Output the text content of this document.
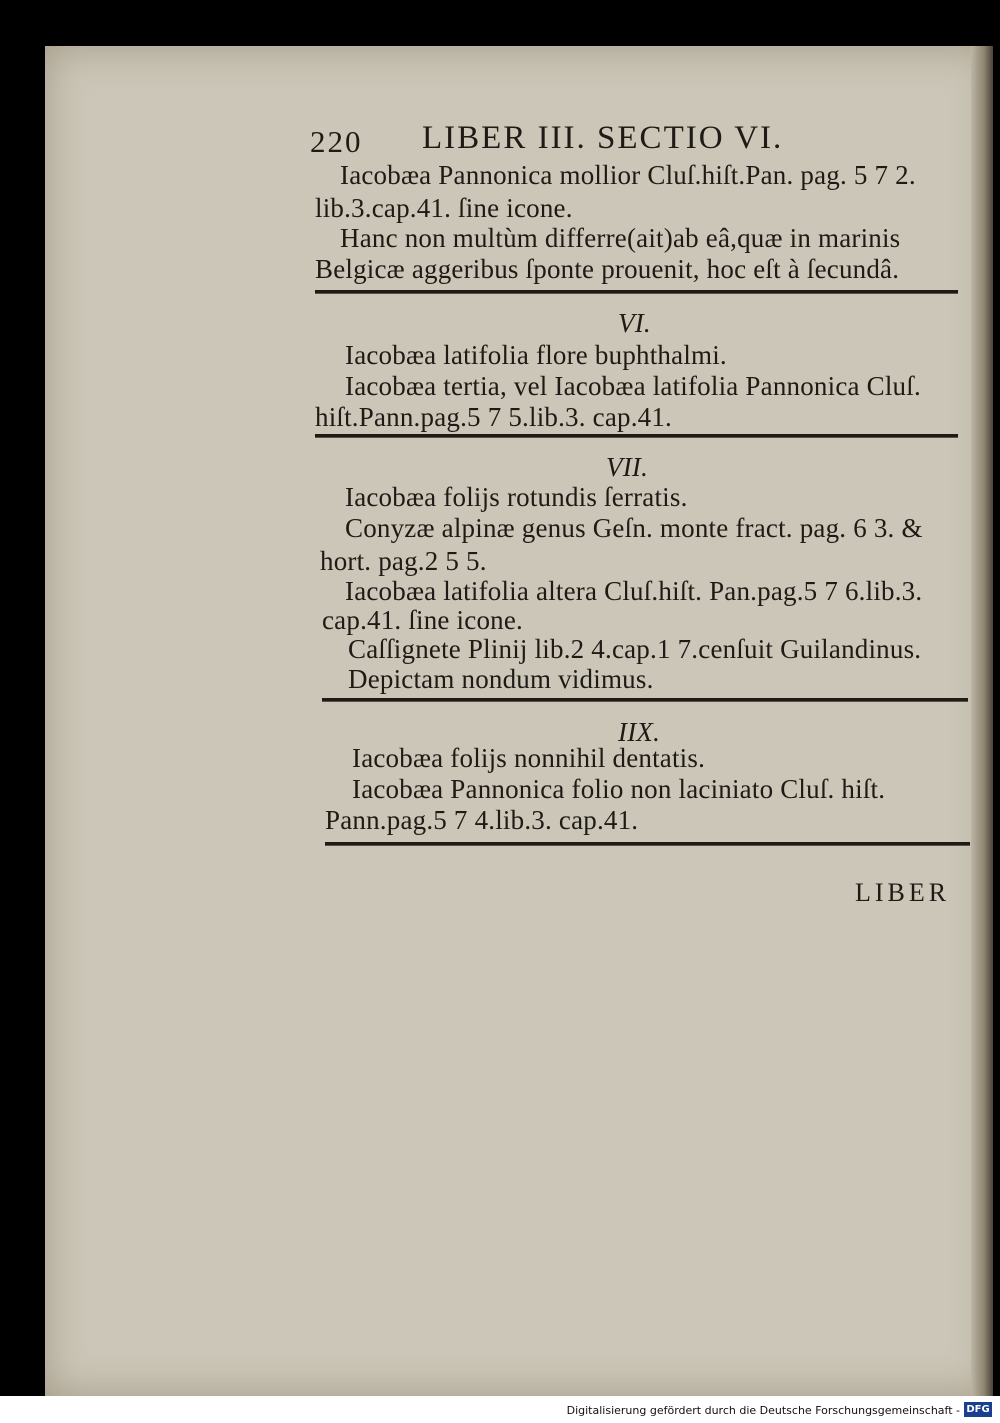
220 LIBER III. SECTIO VI.
Iacobæa Pannonica mollior Cluſ.hiſt.Pan. pag. 5 7 2.
lib.3.cap.41. ſine icone.
Hanc non multùm differre(ait)ab eâ,quæ in marinis
Belgicæ aggeribus ſponte prouenit, hoc eſt à ſecundâ.
VI.
Iacobæa latifolia flore buphthalmi.
Iacobæa tertia, vel Iacobæa latifolia Pannonica Cluſ.
hiſt.Pann.pag.5 7 5.lib.3. cap.41.
VII.
Iacobæa folijs rotundis ſerratis.
Conyzæ alpinæ genus Geſn. monte fract. pag. 6 3. &
hort. pag.2 5 5.
Iacobæa latifolia altera Cluſ.hiſt. Pan.pag.5 7 6.lib.3.
cap.41. ſine icone.
Caſſignete Plinij lib.2 4.cap.1 7.cenſuit Guilandinus.
Depictam nondum vidimus.
IIX.
Iacobæa folijs nonnihil dentatis.
Iacobæa Pannonica folio non laciniato Cluſ. hiſt.
Pann.pag.5 7 4.lib.3. cap.41.
LIBER
Digitalisierung gefördert durch die Deutsche Forschungsgemeinschaft - DFG
